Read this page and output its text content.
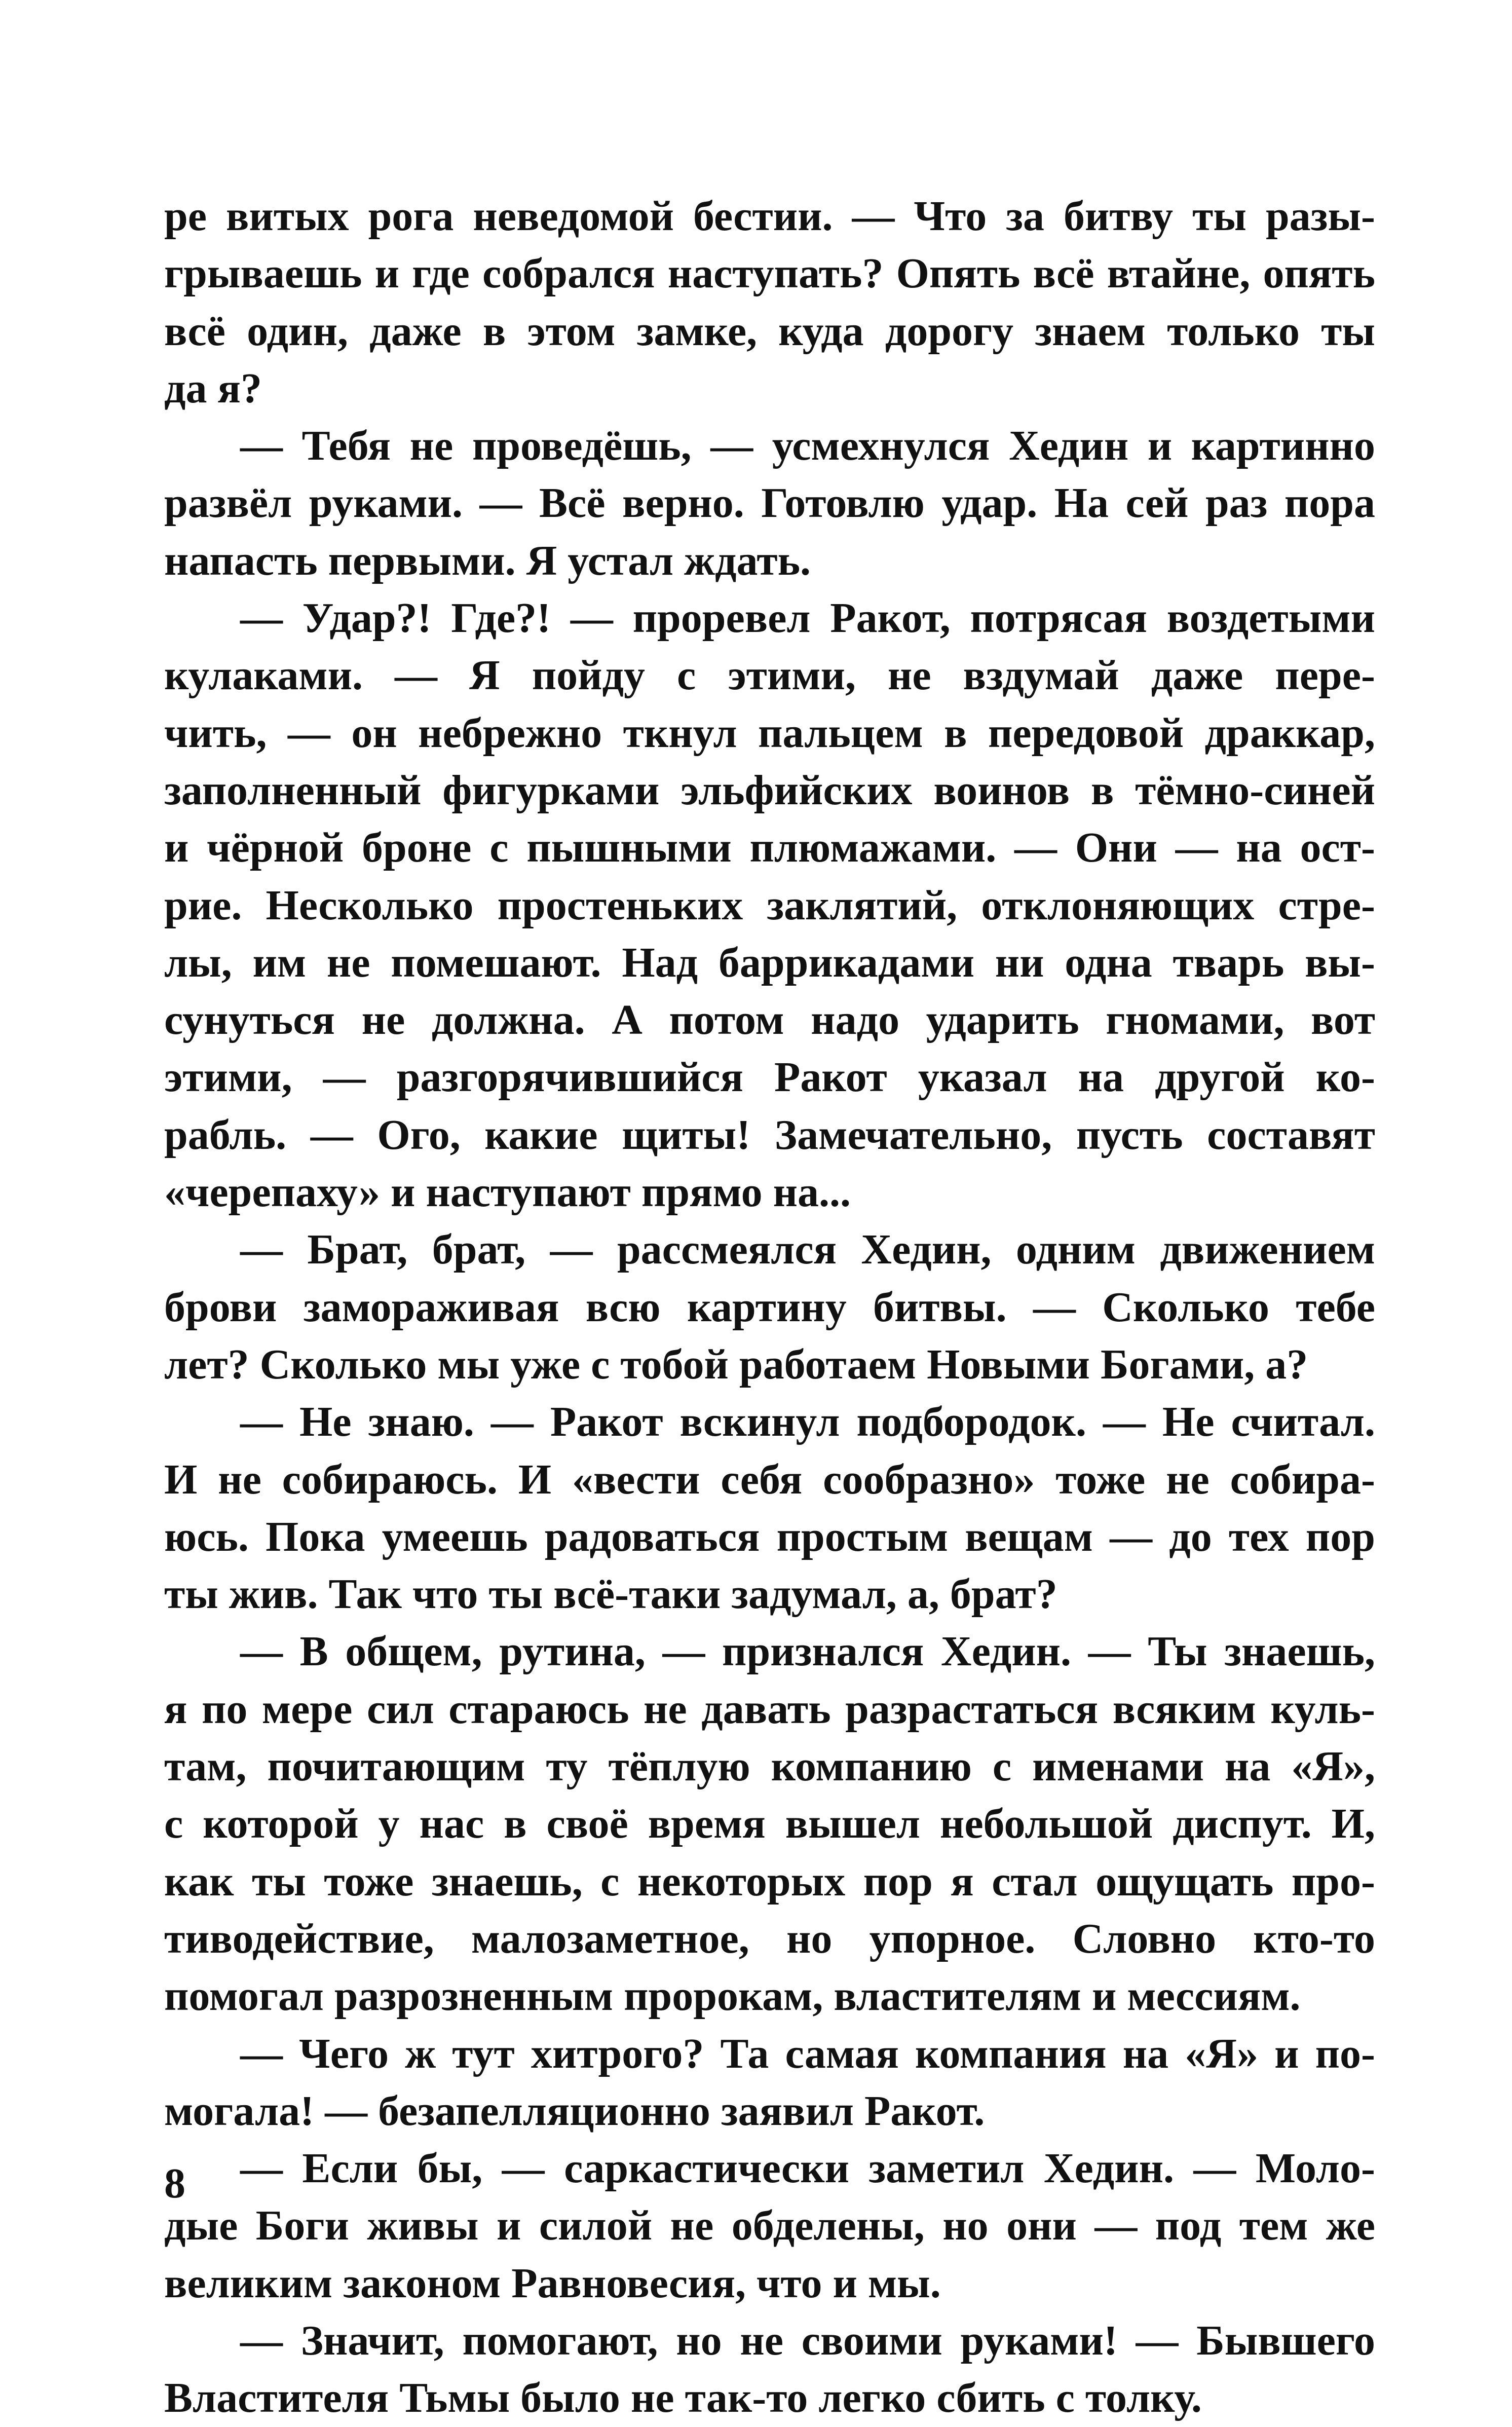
ре витых рога неведомой бестии. — Что за битву ты разы-
грываешь и где собрался наступать? Опять всё втайне, опять
всё один, даже в этом замке, куда дорогу знаем только ты
да я?
— Тебя не проведёшь, — усмехнулся Хедин и картинно
развёл руками. — Всё верно. Готовлю удар. На сей раз пора
напасть первыми. Я устал ждать.
— Удар?! Где?! — проревел Ракот, потрясая воздетыми
кулаками. — Я пойду с этими, не вздумай даже пере-
чить, — он небрежно ткнул пальцем в передовой драккар,
заполненный фигурками эльфийских воинов в тёмно-синей
и чёрной броне с пышными плюмажами. — Они — на ост-
рие. Несколько простеньких заклятий, отклоняющих стре-
лы, им не помешают. Над баррикадами ни одна тварь вы-
сунуться не должна. А потом надо ударить гномами, вот
этими, — разгорячившийся Ракот указал на другой ко-
рабль. — Ого, какие щиты! Замечательно, пусть составят
«черепаху» и наступают прямо на...
— Брат, брат, — рассмеялся Хедин, одним движением
брови замораживая всю картину битвы. — Сколько тебе
лет? Сколько мы уже с тобой работаем Новыми Богами, а?
— Не знаю. — Ракот вскинул подбородок. — Не считал.
И не собираюсь. И «вести себя сообразно» тоже не собира-
юсь. Пока умеешь радоваться простым вещам — до тех пор
ты жив. Так что ты всё-таки задумал, а, брат?
— В общем, рутина, — признался Хедин. — Ты знаешь,
я по мере сил стараюсь не давать разрастаться всяким куль-
там, почитающим ту тёплую компанию с именами на «Я»,
с которой у нас в своё время вышел небольшой диспут. И,
как ты тоже знаешь, с некоторых пор я стал ощущать про-
тиводействие, малозаметное, но упорное. Словно кто-то
помогал разрозненным пророкам, властителям и мессиям.
— Чего ж тут хитрого? Та самая компания на «Я» и по-
могала! — безапелляционно заявил Ракот.
— Если бы, — саркастически заметил Хедин. — Моло-
дые Боги живы и силой не обделены, но они — под тем же
великим законом Равновесия, что и мы.
— Значит, помогают, но не своими руками! — Бывшего
Властителя Тьмы было не так-то легко сбить с толку.
8
